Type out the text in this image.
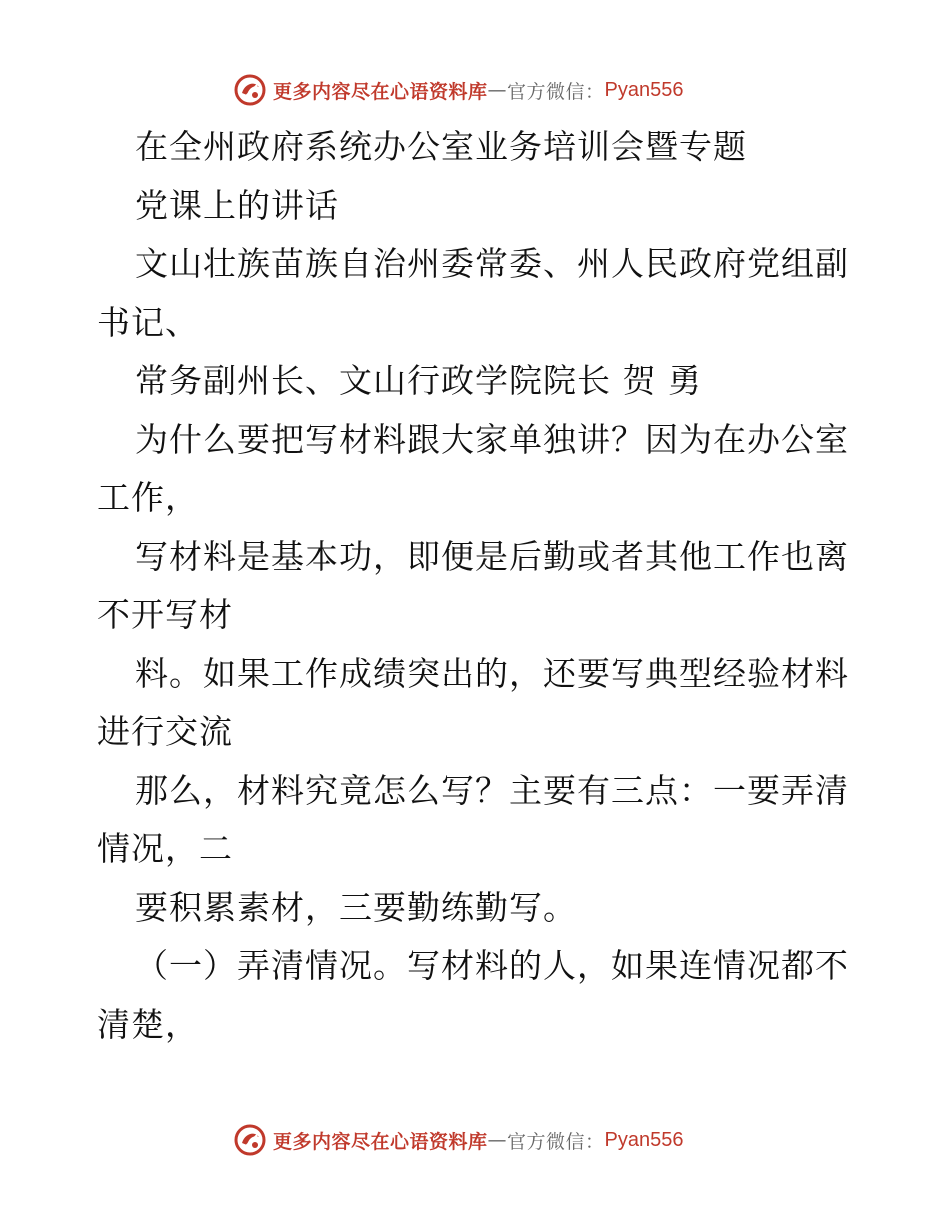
更多内容尽在心语资料库 — 官方微信： Pyan556
在全州政府系统办公室业务培训会暨专题
党课上的讲话
文山壮族苗族自治州委常委、州人民政府党组副
书记、
常务副州长、文山行政学院院长 贺 勇
为什么要把写材料跟大家单独讲？因为在办公室
工作，
写材料是基本功，即便是后勤或者其他工作也离
不开写材
料。如果工作成绩突出的，还要写典型经验材料
进行交流
那么，材料究竟怎么写？主要有三点：一要弄清
情况，二
要积累素材，三要勤练勤写。
（一）弄清情况。写材料的人，如果连情况都不
清楚，
更多内容尽在心语资料库 — 官方微信： Pyan556
